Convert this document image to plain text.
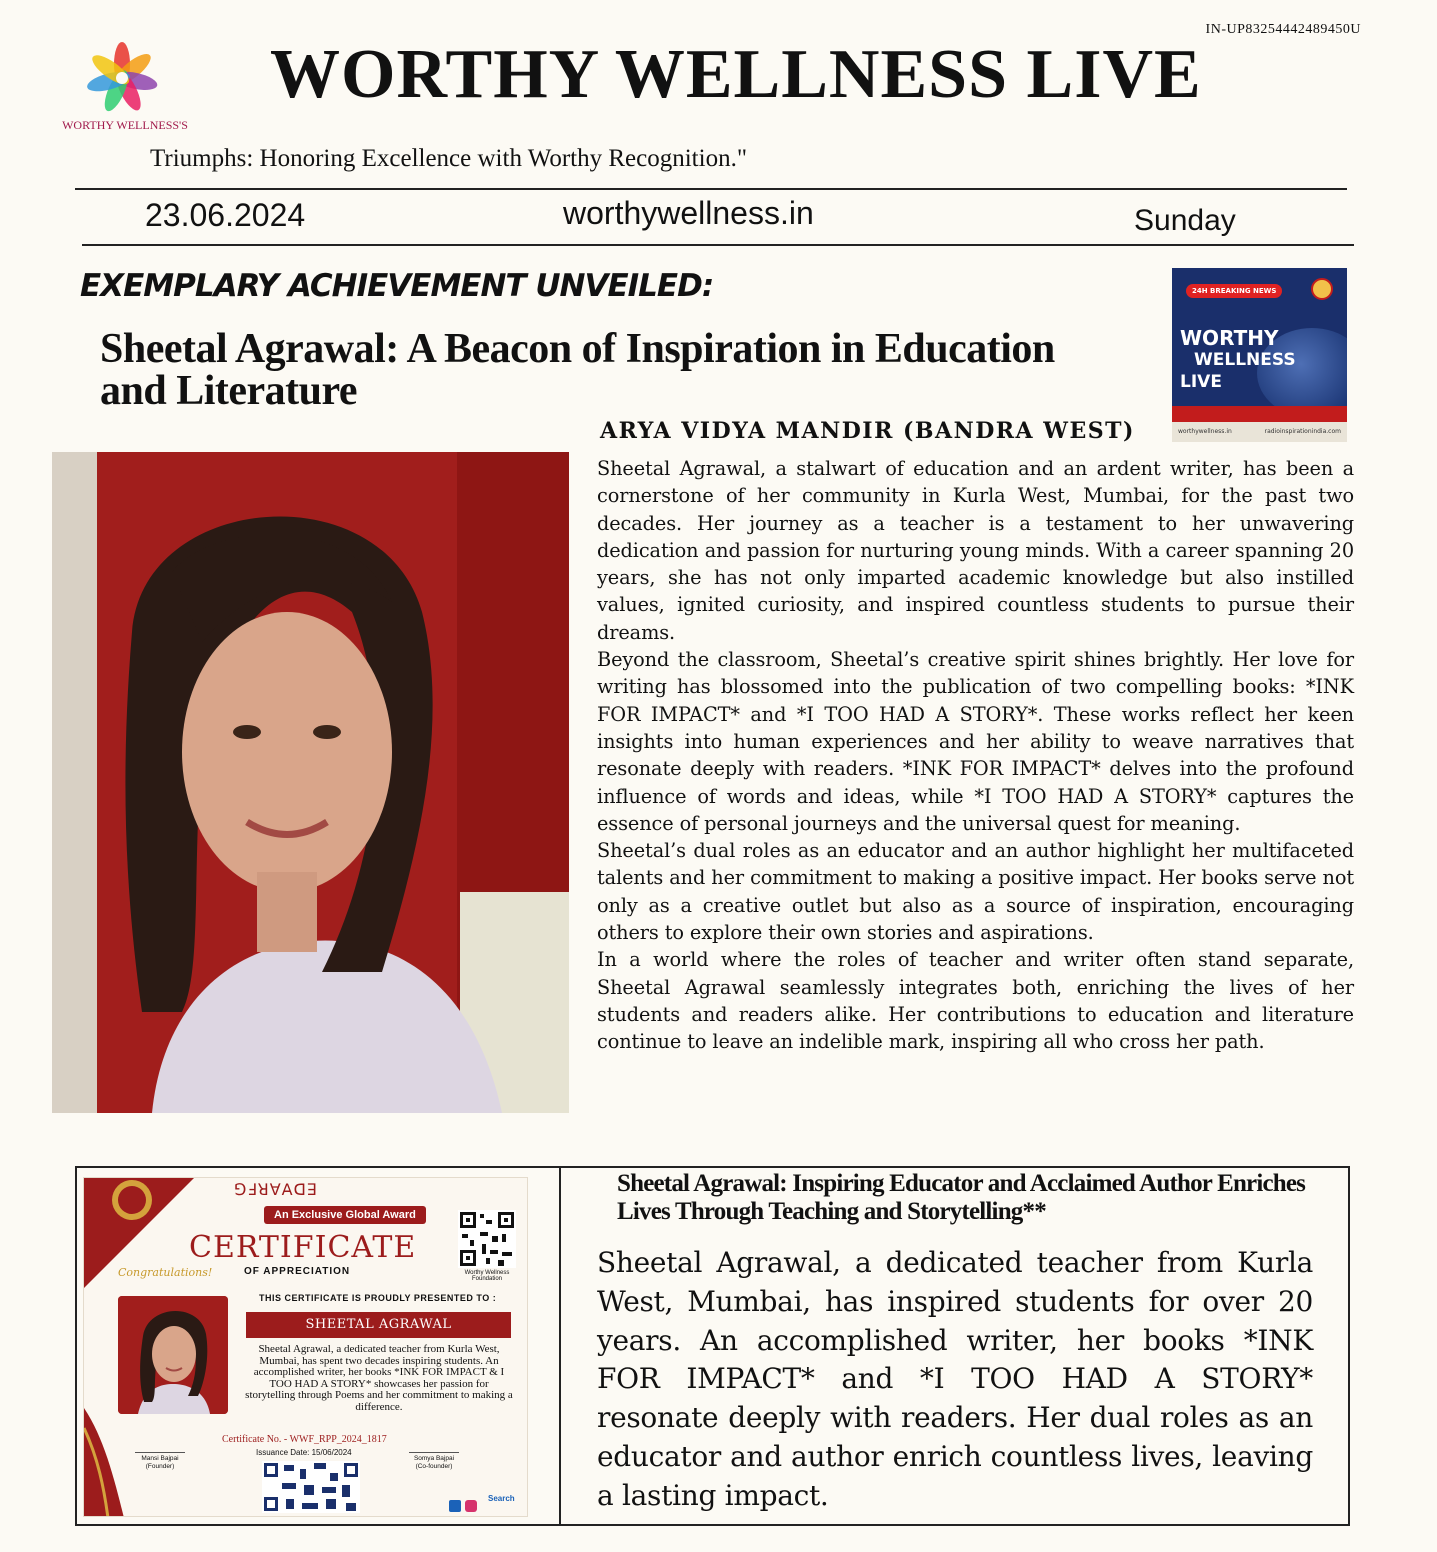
IN-UP83254442489450U
WORTHY WELLNESS'S
WORTHY WELLNESS LIVE
Triumphs: Honoring Excellence with Worthy Recognition."
23.06.2024	worthywellness.in	Sunday
EXEMPLARY ACHIEVEMENT UNVEILED:
Sheetal Agrawal: A Beacon of Inspiration in Education and Literature
24H BREAKING NEWS
WORTHY
WELLNESS
LIVE
worthywellness.in	radioinspirationindia.com
ARYA VIDYA MANDIR (BANDRA WEST)

Sheetal Agrawal, a stalwart of education and an ardent writer, has been a cornerstone of her community in Kurla West, Mumbai, for the past two decades. Her journey as a teacher is a testament to her unwavering dedication and passion for nurturing young minds. With a career spanning 20 years, she has not only imparted academic knowledge but also instilled values, ignited curiosity, and inspired countless students to pursue their dreams.

Beyond the classroom, Sheetal’s creative spirit shines brightly. Her love for writing has blossomed into the publication of two compelling books: *INK FOR IMPACT* and *I TOO HAD A STORY*. These works reflect her keen insights into human experiences and her ability to weave narratives that resonate deeply with readers. *INK FOR IMPACT* delves into the profound influence of words and ideas, while *I TOO HAD A STORY* captures the essence of personal journeys and the universal quest for meaning.

Sheetal’s dual roles as an educator and an author highlight her multifaceted talents and her commitment to making a positive impact. Her books serve not only as a creative outlet but also as a source of inspiration, encouraging others to explore their own stories and aspirations.

In a world where the roles of teacher and writer often stand separate, Sheetal Agrawal seamlessly integrates both, enriching the lives of her students and readers alike. Her contributions to education and literature continue to leave an indelible mark, inspiring all who cross her path.

ꓨꓞꓤꓯꓮꓷꓱ
An Exclusive Global Award
CERTIFICATE
Congratulations!	OF APPRECIATION	Worthy Wellness Foundation
THIS CERTIFICATE IS PROUDLY PRESENTED TO :
SHEETAL AGRAWAL
Sheetal Agrawal, a dedicated teacher from Kurla West, Mumbai, has spent two decades inspiring students. An accomplished writer, her books *INK FOR IMPACT & I TOO HAD A STORY* showcases her passion for storytelling through Poems and her commitment to making a difference.
Certificate No. - WWF_RPP_2024_1817
Issuance Date: 15/06/2024
Mansi Bajpai
(Founder)
Somya Bajpai
(Co-founder)
Search
Sheetal Agrawal: Inspiring Educator and Acclaimed Author Enriches Lives Through Teaching and Storytelling**
Sheetal Agrawal, a dedicated teacher from Kurla West, Mumbai, has inspired students for over 20 years. An accomplished writer, her books *INK FOR IMPACT* and *I TOO HAD A STORY* resonate deeply with readers. Her dual roles as an educator and author enrich countless lives, leaving a lasting impact.
